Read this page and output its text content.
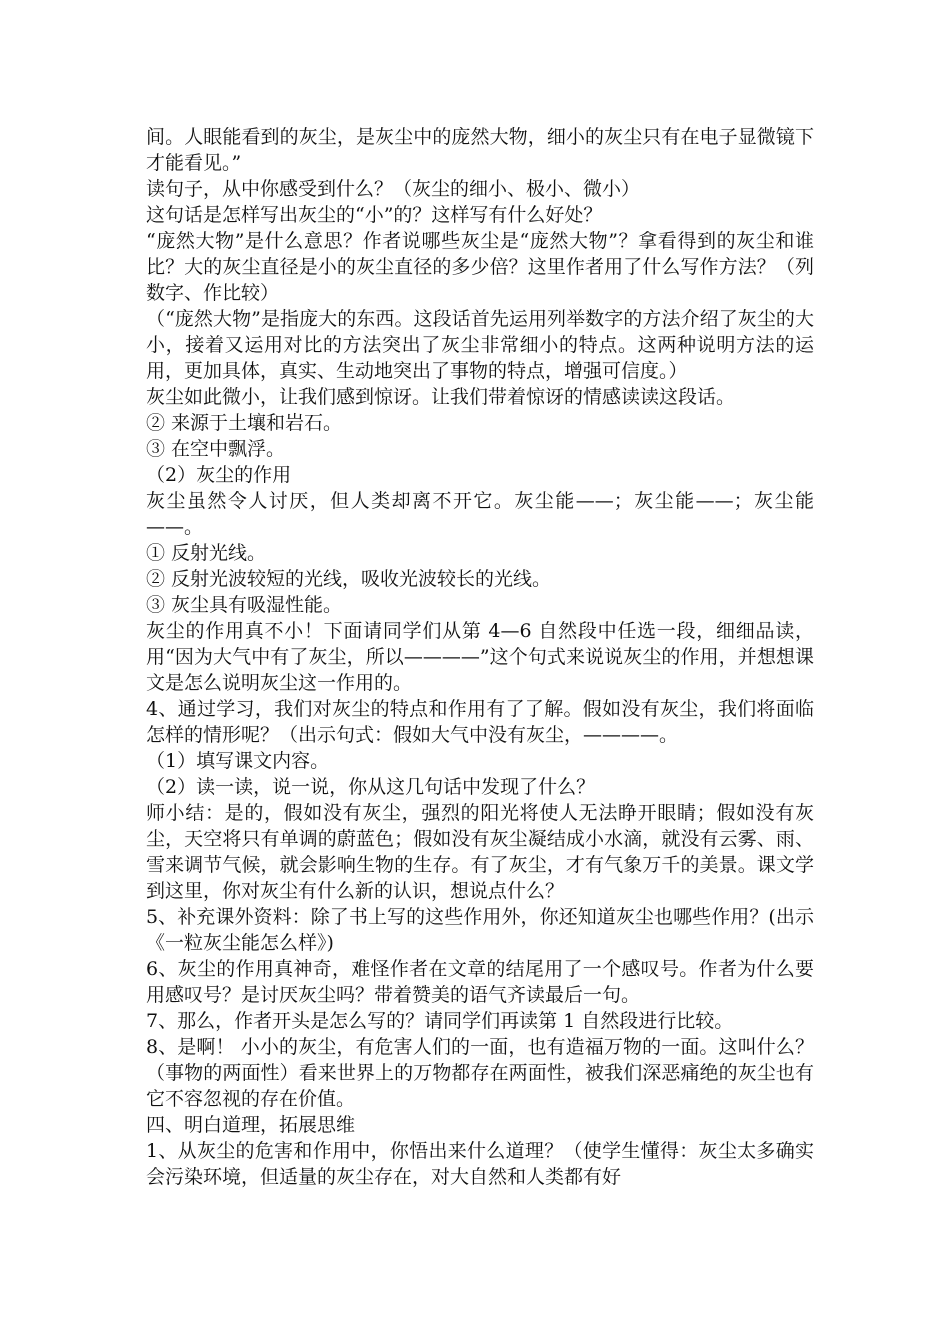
间。人眼能看到的灰尘，是灰尘中的庞然大物，细小的灰尘只有在电子显微镜下才能看见。”

读句子，从中你感受到什么？（灰尘的细小、极小、微小）

这句话是怎样写出灰尘的“小”的？这样写有什么好处？

“庞然大物”是什么意思？作者说哪些灰尘是“庞然大物”？拿看得到的灰尘和谁比？大的灰尘直径是小的灰尘直径的多少倍？这里作者用了什么写作方法？（列数字、作比较）

（“庞然大物”是指庞大的东西。这段话首先运用列举数字的方法介绍了灰尘的大小，接着又运用对比的方法突出了灰尘非常细小的特点。这两种说明方法的运用，更加具体，真实、生动地突出了事物的特点，增强可信度。）

灰尘如此微小，让我们感到惊讶。让我们带着惊讶的情感读读这段话。

② 来源于土壤和岩石。

③ 在空中飘浮。

（2）灰尘的作用

灰尘虽然令人讨厌，但人类却离不开它。灰尘能——；灰尘能——；灰尘能——。

① 反射光线。

② 反射光波较短的光线，吸收光波较长的光线。

③ 灰尘具有吸湿性能。

灰尘的作用真不小！下面请同学们从第 4—6 自然段中任选一段，细细品读，用“因为大气中有了灰尘，所以————”这个句式来说说灰尘的作用，并想想课文是怎么说明灰尘这一作用的。

4、通过学习，我们对灰尘的特点和作用有了了解。假如没有灰尘，我们将面临怎样的情形呢？（出示句式：假如大气中没有灰尘，————。

（1）填写课文内容。

（2）读一读，说一说，你从这几句话中发现了什么？

师小结：是的，假如没有灰尘，强烈的阳光将使人无法睁开眼睛；假如没有灰尘，天空将只有单调的蔚蓝色；假如没有灰尘凝结成小水滴，就没有云雾、雨、雪来调节气候，就会影响生物的生存。有了灰尘，才有气象万千的美景。课文学到这里，你对灰尘有什么新的认识，想说点什么？

5、补充课外资料：除了书上写的这些作用外，你还知道灰尘也哪些作用？(出示《一粒灰尘能怎么样》)

6、灰尘的作用真神奇，难怪作者在文章的结尾用了一个感叹号。作者为什么要用感叹号？是讨厌灰尘吗？带着赞美的语气齐读最后一句。

7、那么，作者开头是怎么写的？请同学们再读第 1 自然段进行比较。

8、是啊！ 小小的灰尘，有危害人们的一面，也有造福万物的一面。这叫什么？（事物的两面性）看来世界上的万物都存在两面性，被我们深恶痛绝的灰尘也有它不容忽视的存在价值。

四、明白道理，拓展思维

1、从灰尘的危害和作用中，你悟出来什么道理？（使学生懂得：灰尘太多确实会污染环境，但适量的灰尘存在，对大自然和人类都有好
